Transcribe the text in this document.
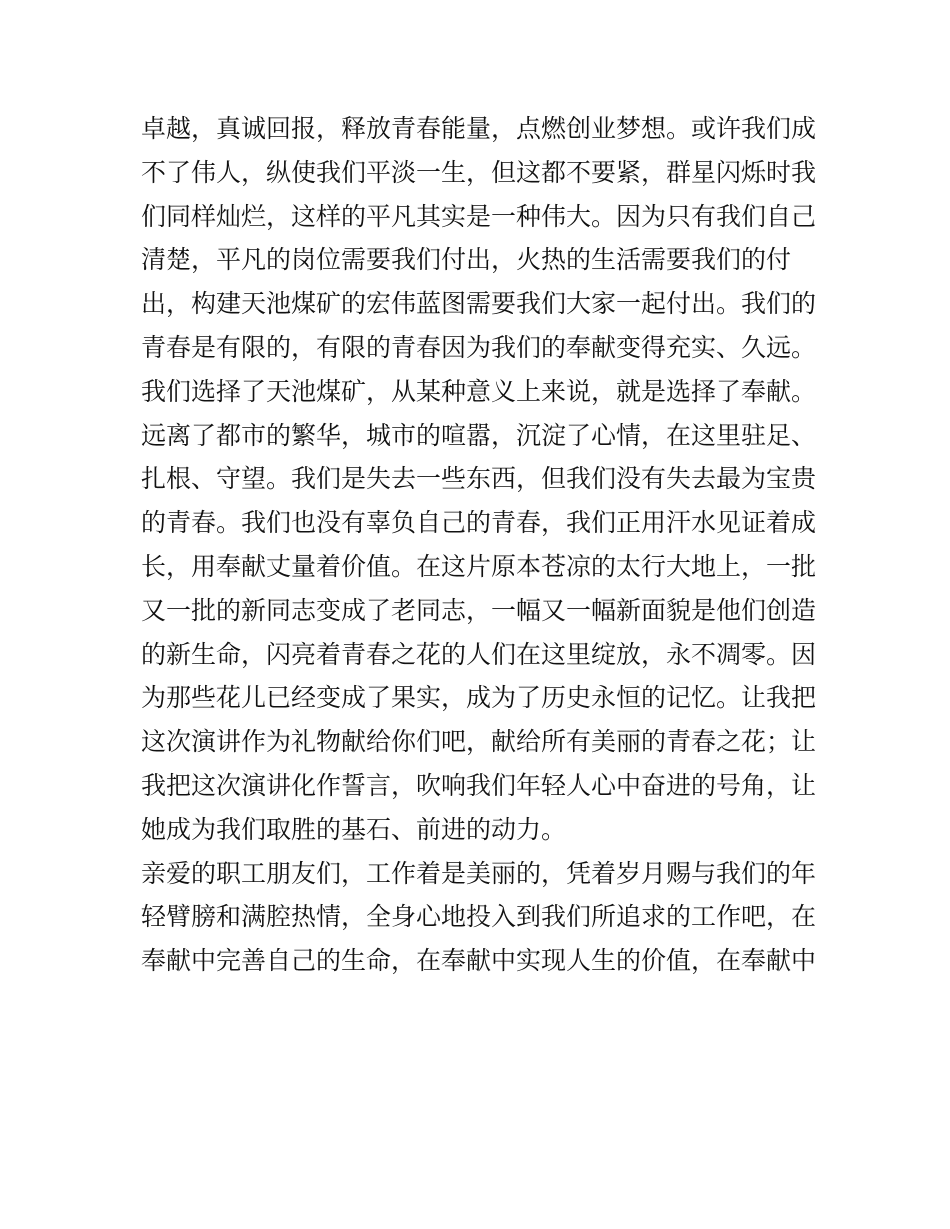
卓越，真诚回报，释放青春能量，点燃创业梦想。或许我们成
不了伟人，纵使我们平淡一生，但这都不要紧，群星闪烁时我
们同样灿烂，这样的平凡其实是一种伟大。因为只有我们自己
清楚，平凡的岗位需要我们付出，火热的生活需要我们的付
出，构建天池煤矿的宏伟蓝图需要我们大家一起付出。我们的
青春是有限的，有限的青春因为我们的奉献变得充实、久远。
我们选择了天池煤矿，从某种意义上来说，就是选择了奉献。
远离了都市的繁华，城市的喧嚣，沉淀了心情，在这里驻足、
扎根、守望。我们是失去一些东西，但我们没有失去最为宝贵
的青春。我们也没有辜负自己的青春，我们正用汗水见证着成
长，用奉献丈量着价值。在这片原本苍凉的太行大地上，一批
又一批的新同志变成了老同志，一幅又一幅新面貌是他们创造
的新生命，闪亮着青春之花的人们在这里绽放，永不凋零。因
为那些花儿已经变成了果实，成为了历史永恒的记忆。让我把
这次演讲作为礼物献给你们吧，献给所有美丽的青春之花；让
我把这次演讲化作誓言，吹响我们年轻人心中奋进的号角，让
她成为我们取胜的基石、前进的动力。
亲爱的职工朋友们，工作着是美丽的，凭着岁月赐与我们的年
轻臂膀和满腔热情，全身心地投入到我们所追求的工作吧，在
奉献中完善自己的生命，在奉献中实现人生的价值，在奉献中
